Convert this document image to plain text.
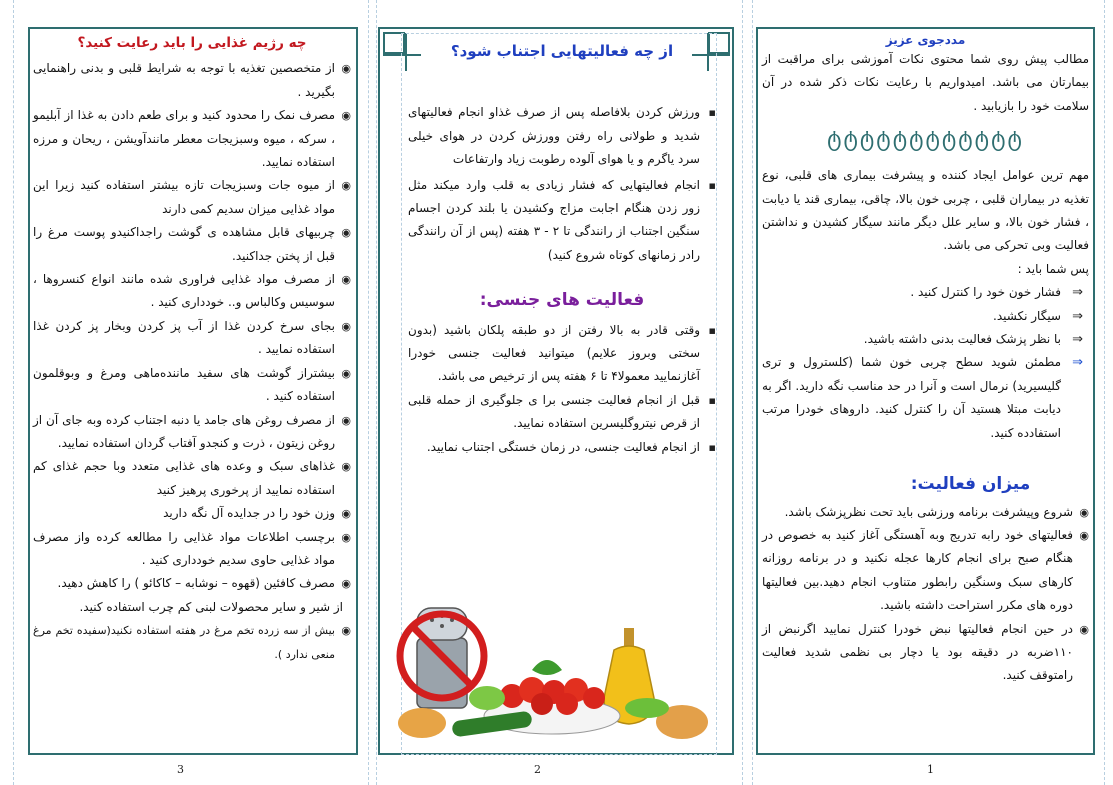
چه رژیم غذایی را باید رعایت کنید؟

◉ از متخصصین تغذیه با توجه به شرایط قلبی و بدنی راهنمایی بگیرید .
◉ مصرف نمک را محدود کنید و برای طعم دادن به غذا از آبلیمو ، سرکه ، میوه وسبزیجات معطر مانندآویشن ، ریحان و مرزه استفاده نمایید.
◉ از میوه جات وسبزیجات تازه بیشتر استفاده کنید زیرا این مواد غذایی میزان سدیم کمی دارند
◉ چربیهای قابل مشاهده ی گوشت راجداکنیدو پوست مرغ را قبل از پختن جداکنید.
◉ از مصرف مواد غذایی فراوری شده مانند انواع کنسروها ، سوسیس وکالباس و.. خودداری کنید .
◉ بجای سرخ کردن غذا از آب پز کردن وبخار پز کردن غذا استفاده نمایید .
◉ بیشتراز گوشت های سفید ماننده‌ماهی ومرغ و وبوقلمون استفاده کنید .
◉ از مصرف روغن های جامد یا دنبه اجتناب کرده وبه جای آن از روغن زیتون ، ذرت و کنجدو آفتاب گردان استفاده نمایید.
◉ غذاهای سبک و وعده های غذایی متعدد وبا حجم غذای کم استفاده نمایید از پرخوری پرهیز کنید
◉ وزن خود را در جدایده آل نگه دارید
◉ برچسب اطلاعات مواد غذایی را مطالعه کرده واز مصرف مواد غذایی حاوی سدیم خودداری کنید .
◉ مصرف کافئین (قهوه – نوشابه – کاکائو ) را کاهش دهید.

از شیر و سایر محصولات لبنی کم چرب استفاده کنید.

◉ بیش از سه زرده تخم مرغ در هفته استفاده نکنید(سفیده تخم مرغ منعی ندارد ).

از چه فعالیتهایی اجتناب شود؟

▪ ورزش کردن بلافاصله پس از صرف غذاو انجام فعالیتهای شدید و طولانی راه رفتن وورزش کردن در هوای خیلی سرد یاگرم و یا هوای آلوده رطوبت زیاد وارتفاعات
▪ انجام فعالیتهایی که فشار زیادی به قلب وارد میکند مثل زور زدن هنگام اجابت مزاج وکشیدن یا بلند کردن اجسام سنگین اجتناب از رانندگی تا ۲ - ۳ هفته (پس از آن رانندگی رادر زمانهای کوتاه شروع کنید)

فعالیت های جنسی:

▪ وقتی قادر به بالا رفتن از دو طبقه پلکان باشید (بدون سختی وبروز علایم) میتوانید فعالیت جنسی خودرا آغازنمایید معمولا۴ تا ۶ هفته پس از ترخیص می باشد.
▪ قبل از انجام فعالیت جنسی برا ی جلوگیری از حمله قلبی از قرص نیتروگلیسرین استفاده نمایید.
▪ از انجام فعالیت جنسی، در زمان خستگی اجتناب نمایید.

مددجوی عزیز

مطالب پیش روی شما محتوی نکات آموزشی برای مراقبت از بیمارتان می باشد. امیدواریم با رعایت نکات ذکر شده در آن سلامت خود را بازیابید .

ტტტტტტტტტტტტ

مهم ترین عوامل ایجاد کننده و پیشرفت بیماری های قلبی، نوع تغذیه در بیماران قلبی ، چربی خون بالا، چاقی، بیماری قند یا دیابت ، فشار خون بالا، و سایر علل دیگر مانند سیگار کشیدن و نداشتن فعالیت وبی تحرکی می باشد.

پس شما باید :

⇒ فشار خون خود را کنترل کنید .
⇒ سیگار نکشید.
⇒ با نظر پزشک فعالیت بدنی داشته باشید.
⇒ مطمئن شوید سطح چربی خون شما (کلسترول و تری گلیسیرید) نرمال است و آنرا در حد مناسب نگه دارید. اگر به دیابت مبتلا هستید آن را کنترل کنید. داروهای خودرا مرتب استفادده کنید.

میزان فعالیت:

◉ شروع وپیشرفت برنامه ورزشی باید تحت نظرپزشک باشد.
◉ فعالیتهای خود رابه تدریج وبه آهستگی آغاز کنید به خصوص در هنگام صبح برای انجام کارها عجله نکنید و در برنامه روزانه کارهای سبک وسنگین رابطور متناوب انجام دهید.بین فعالیتها دوره های مکرر استراحت داشته باشید.
◉ در حین انجام فعالیتها نبض خودرا کنترل نمایید اگرنبض از ۱۱۰ضربه در دقیقه بود یا دچار بی نظمی شدید فعالیت رامتوقف کنید.
3	2	1
